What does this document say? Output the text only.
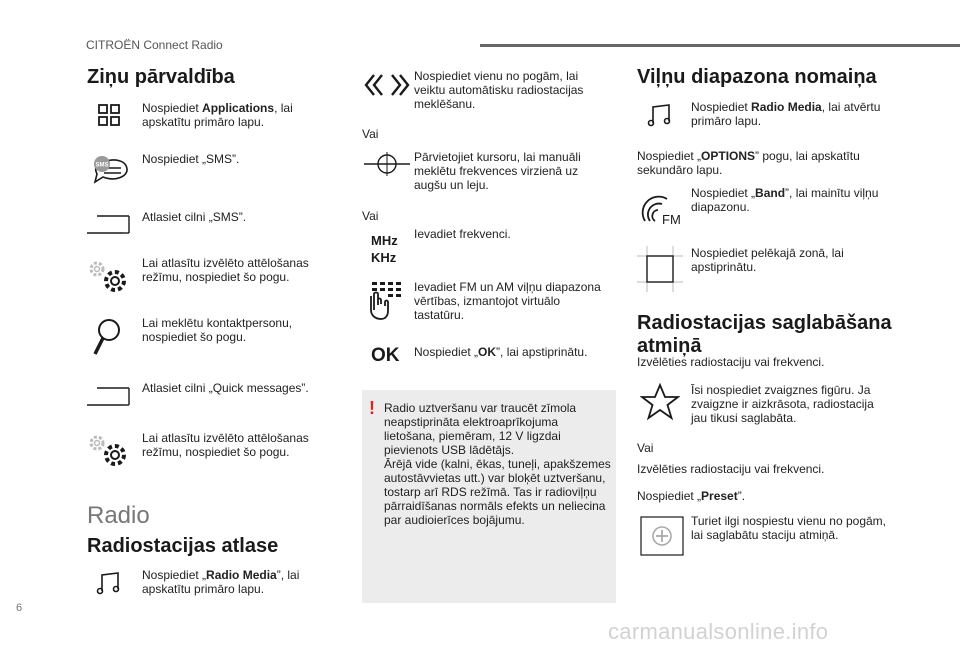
CITROËN Connect Radio
Ziņu pārvaldība
Nospiediet Applications, lai apskatītu primāro lapu.
SMS	Nospiediet „SMS”.
Atlasiet cilni „SMS”.
Lai atlasītu izvēlēto attēlošanas režīmu, nospiediet šo pogu.
Lai meklētu kontaktpersonu, nospiediet šo pogu.
Atlasiet cilni „Quick messages”.
Lai atlasītu izvēlēto attēlošanas režīmu, nospiediet šo pogu.
Radio
Radiostacijas atlase
Nospiediet „Radio Media”, lai apskatītu primāro lapu.
Nospiediet vienu no pogām, lai veiktu automātisku radiostacijas meklēšanu.
Vai
Pārvietojiet kursoru, lai manuāli meklētu frekvences virzienā uz augšu un leju.
Vai
MHz
KHz
Ievadiet frekvenci.
Ievadiet FM un AM viļņu diapazona vērtības, izmantojot virtuālo tastatūru.
OK Nospiediet „OK”, lai apstiprinātu.
! Radio uztveršanu var traucēt zīmola neapstiprināta elektroaprīkojuma lietošana, piemēram, 12 V ligzdai pievienots USB lādētājs.
Ārējā vide (kalni, ēkas, tuneļi, apakšzemes autostāvvietas utt.) var bloķēt uztveršanu, tostarp arī RDS režīmā. Tas ir radioviļņu pārraidīšanas normāls efekts un neliecina par audioierīces bojājumu.
Viļņu diapazona nomaiņa
Nospiediet Radio Media, lai atvērtu primāro lapu.
Nospiediet „OPTIONS” pogu, lai apskatītu sekundāro lapu.
FM
Nospiediet „Band”, lai mainītu viļņu diapazonu.
Nospiediet pelēkajā zonā, lai apstiprinātu.
Radiostacijas saglabāšana
atmiņā
Izvēlēties radiostaciju vai frekvenci.
Īsi nospiediet zvaigznes figūru. Ja zvaigzne ir aizkrāsota, radiostacija jau tikusi saglabāta.
Vai
Izvēlēties radiostaciju vai frekvenci.
Nospiediet „Preset”.
Turiet ilgi nospiestu vienu no pogām, lai saglabātu staciju atmiņā.
6
carmanualsonline.info
